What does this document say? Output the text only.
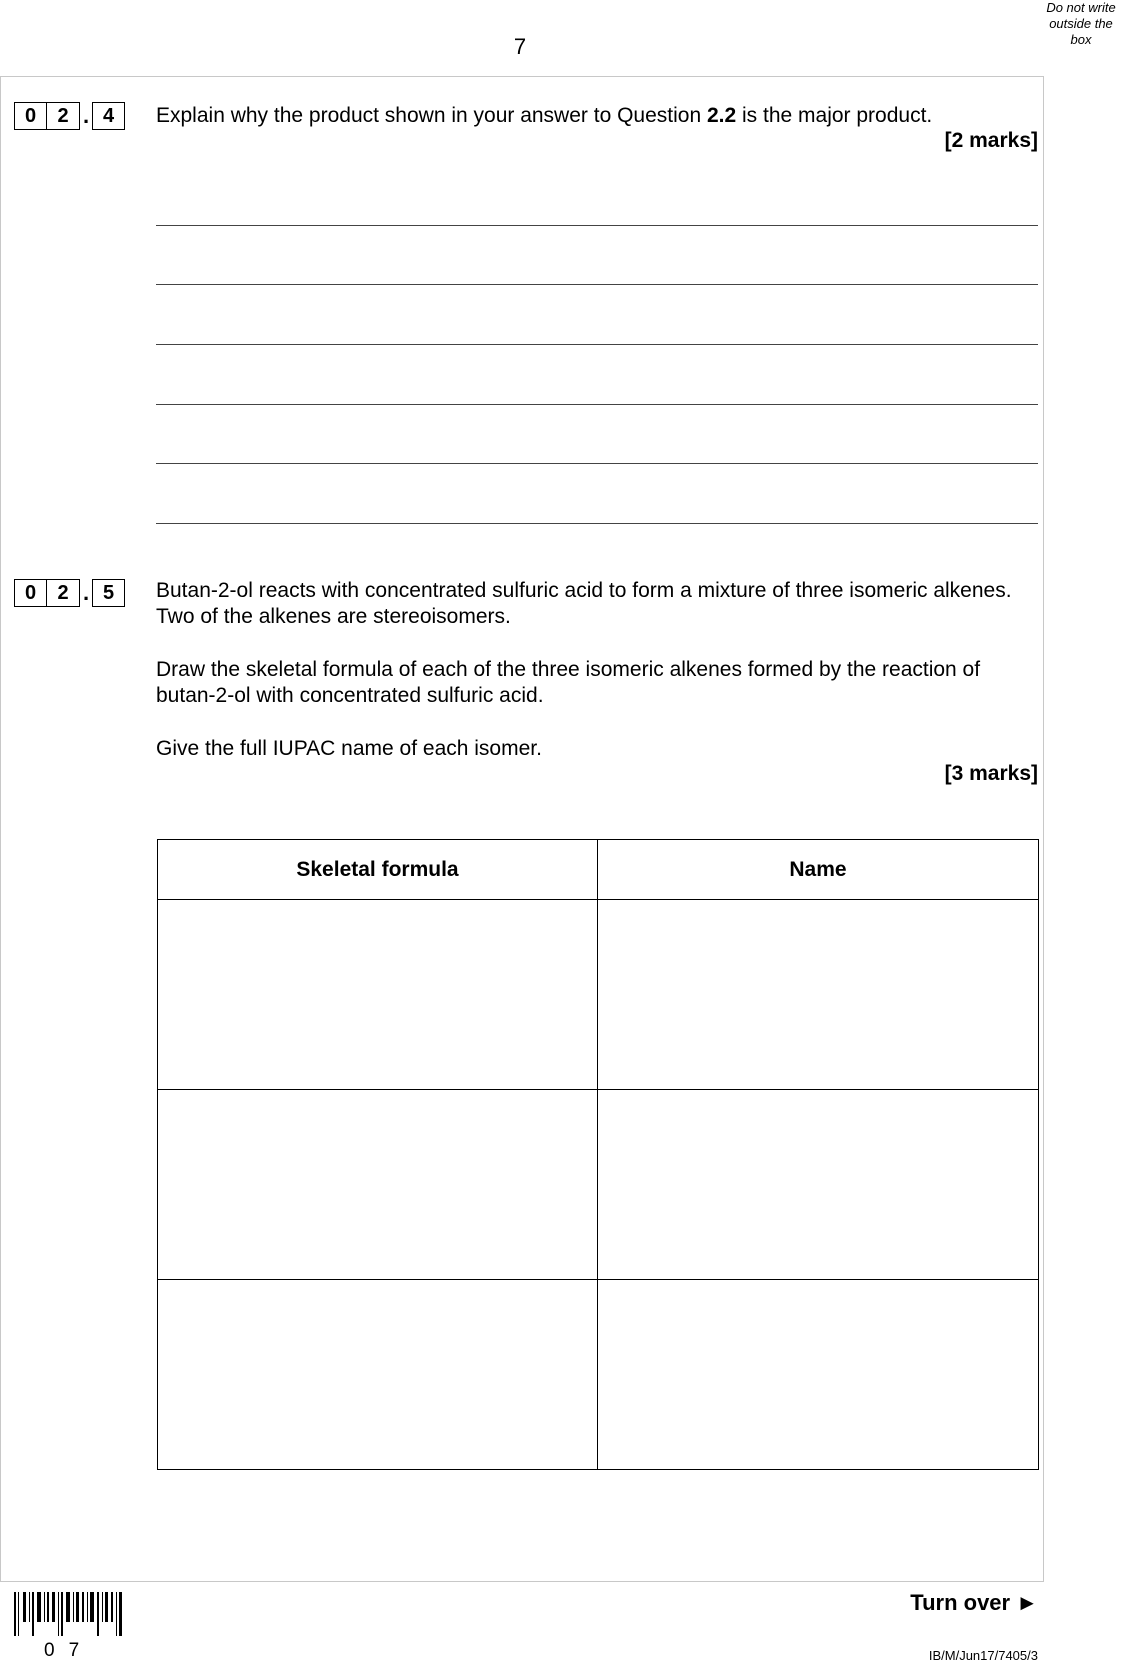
Do not write
outside the
box
7
0	2 . 4	Explain why the product shown in your answer to Question 2.2 is the major product.
[2 marks]
0	2 . 5	Butan-2-ol reacts with concentrated sulfuric acid to form a mixture of three isomeric alkenes. Two of the alkenes are stereoisomers.
Draw the skeletal formula of each of the three isomeric alkenes formed by the reaction of butan-2-ol with concentrated sulfuric acid.
Give the full IUPAC name of each isomer.
[3 marks]
Skeletal formula	Name

07
Turn over ►
IB/M/Jun17/7405/3
